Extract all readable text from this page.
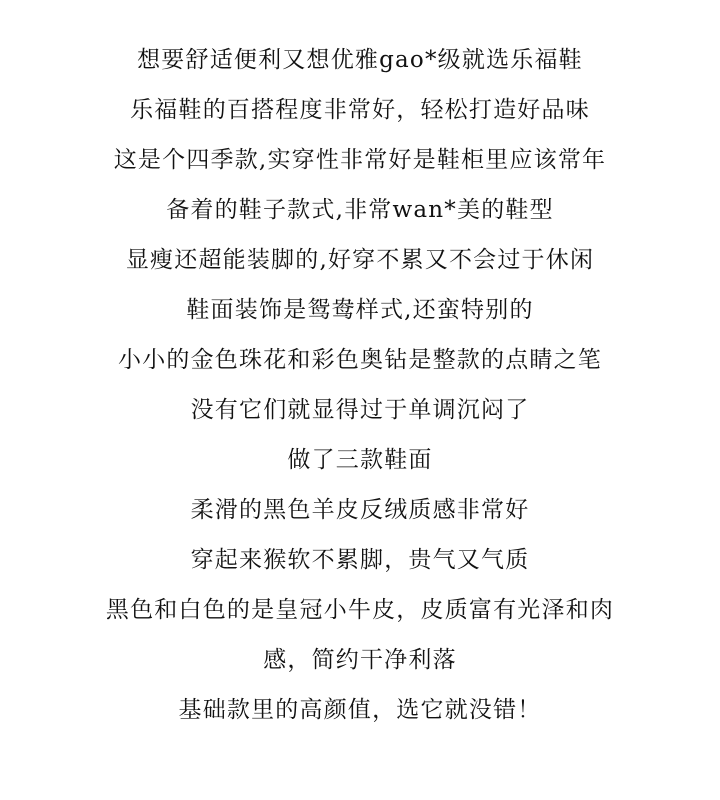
想要舒适便利又想优雅gao*级就选乐福鞋
乐福鞋的百搭程度非常好，轻松打造好品味
这是个四季款,实穿性非常好是鞋柜里应该常年
备着的鞋子款式,非常wan*美的鞋型
显瘦还超能装脚的,好穿不累又不会过于休闲
鞋面装饰是鸳鸯样式,还蛮特别的
小小的金色珠花和彩色奥钻是整款的点睛之笔
没有它们就显得过于单调沉闷了
做了三款鞋面
柔滑的黑色羊皮反绒质感非常好
穿起来猴软不累脚，贵气又气质
黑色和白色的是皇冠小牛皮，皮质富有光泽和肉
感，简约干净利落
基础款里的高颜值，选它就没错！
